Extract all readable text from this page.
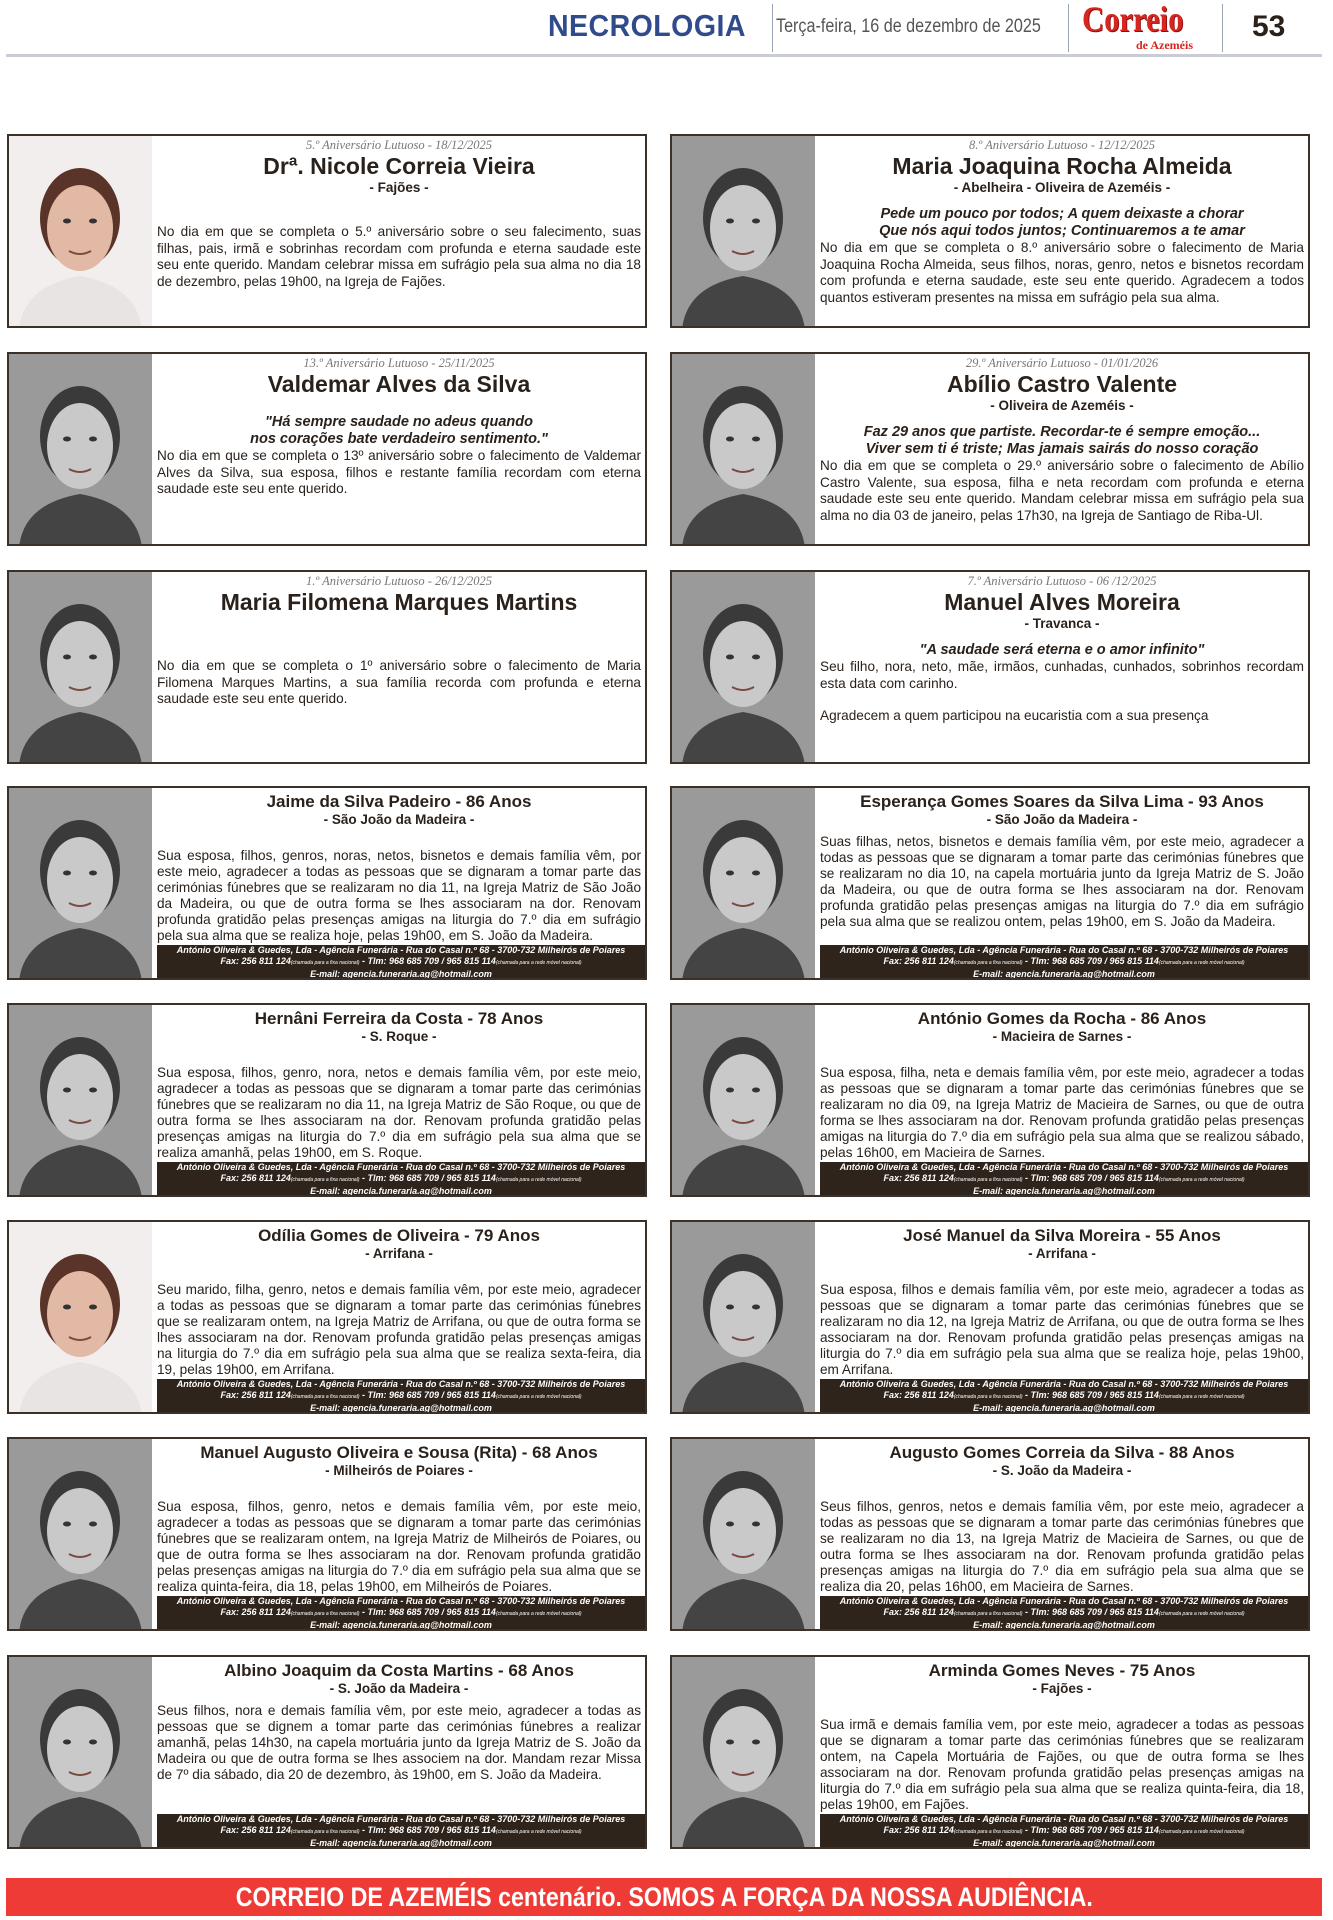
NECROLOGIA Terça-feira, 16 de dezembro de 2025 Correio
de Azeméis
53
5.º Aniversário Lutuoso - 18/12/2025
Drª. Nicole Correia Vieira
- Fajões -
No dia em que se completa o 5.º aniversário sobre o seu falecimento, suas filhas, pais, irmã e sobrinhas recordam com profunda e eterna saudade este seu ente querido. Mandam celebrar missa em sufrágio pela sua alma no dia 18 de dezembro, pelas 19h00, na Igreja de Fajões.
8.º Aniversário Lutuoso - 12/12/2025
Maria Joaquina Rocha Almeida
- Abelheira - Oliveira de Azeméis -
Pede um pouco por todos; A quem deixaste a chorar
Que nós aqui todos juntos; Continuaremos a te amar
No dia em que se completa o 8.º aniversário sobre o falecimento de Maria Joaquina Rocha Almeida, seus filhos, noras, genro, netos e bisnetos recordam com profunda e eterna saudade, este seu ente querido. Agradecem a todos quantos estiveram presentes na missa em sufrágio pela sua alma.
13.º Aniversário Lutuoso - 25/11/2025
Valdemar Alves da Silva
"Há sempre saudade no adeus quando
nos corações bate verdadeiro sentimento."
No dia em que se completa o 13º aniversário sobre o falecimento de Valdemar Alves da Silva, sua esposa, filhos e restante família recordam com eterna saudade este seu ente querido.
29.º Aniversário Lutuoso - 01/01/2026
Abílio Castro Valente
- Oliveira de Azeméis -
Faz 29 anos que partiste. Recordar-te é sempre emoção...
Viver sem ti é triste; Mas jamais sairás do nosso coração
No dia em que se completa o 29.º aniversário sobre o falecimento de Abílio Castro Valente, sua esposa, filha e neta recordam com profunda e eterna saudade este seu ente querido. Mandam celebrar missa em sufrágio pela sua alma no dia 03 de janeiro, pelas 17h30, na Igreja de Santiago de Riba-Ul.
1.º Aniversário Lutuoso - 26/12/2025
Maria Filomena Marques Martins
No dia em que se completa o 1º aniversário sobre o falecimento de Maria Filomena Marques Martins, a sua família recorda com profunda e eterna saudade este seu ente querido.
7.º Aniversário Lutuoso - 06 /12/2025
Manuel Alves Moreira
- Travanca -
"A saudade será eterna e o amor infinito"
Seu filho, nora, neto, mãe, irmãos, cunhadas, cunhados, sobrinhos recordam esta data com carinho.
Agradecem a quem participou na eucaristia com a sua presença
Jaime da Silva Padeiro - 86 Anos
- São João da Madeira -
Sua esposa, filhos, genros, noras, netos, bisnetos e demais família vêm, por este meio, agradecer a todas as pessoas que se dignaram a tomar parte das cerimónias fúnebres que se realizaram no dia 11, na Igreja Matriz de São João da Madeira, ou que de outra forma se lhes associaram na dor. Renovam profunda gratidão pelas presenças amigas na liturgia do 7.º dia em sufrágio pela sua alma que se realiza hoje, pelas 19h00, em S. João da Madeira.
António Oliveira & Guedes, Lda - Agência Funerária - Rua do Casal n.º 68 - 3700-732 Milheirós de Poiares
Fax: 256 811 124(chamada para a fixa nacional) - Tlm: 968 685 709 / 965 815 114(chamada para a rede móvel nacional)
E-mail: agencia.funeraria.ag@hotmail.com
Esperança Gomes Soares da Silva Lima - 93 Anos
- São João da Madeira -
Suas filhas, netos, bisnetos e demais família vêm, por este meio, agradecer a todas as pessoas que se dignaram a tomar parte das cerimónias fúnebres que se realizaram no dia 10, na capela mortuária junto da Igreja Matriz de S. João da Madeira, ou que de outra forma se lhes associaram na dor. Renovam profunda gratidão pelas presenças amigas na liturgia do 7.º dia em sufrágio pela sua alma que se realizou ontem, pelas 19h00, em S. João da Madeira.
António Oliveira & Guedes, Lda - Agência Funerária - Rua do Casal n.º 68 - 3700-732 Milheirós de Poiares
Fax: 256 811 124(chamada para a fixa nacional) - Tlm: 968 685 709 / 965 815 114(chamada para a rede móvel nacional)
E-mail: agencia.funeraria.ag@hotmail.com
Hernâni Ferreira da Costa - 78 Anos
- S. Roque -
Sua esposa, filhos, genro, nora, netos e demais família vêm, por este meio, agradecer a todas as pessoas que se dignaram a tomar parte das cerimónias fúnebres que se realizaram no dia 11, na Igreja Matriz de São Roque, ou que de outra forma se lhes associaram na dor. Renovam profunda gratidão pelas presenças amigas na liturgia do 7.º dia em sufrágio pela sua alma que se realiza amanhã, pelas 19h00, em S. Roque.
António Oliveira & Guedes, Lda - Agência Funerária - Rua do Casal n.º 68 - 3700-732 Milheirós de Poiares
Fax: 256 811 124(chamada para a fixa nacional) - Tlm: 968 685 709 / 965 815 114(chamada para a rede móvel nacional)
E-mail: agencia.funeraria.ag@hotmail.com
António Gomes da Rocha - 86 Anos
- Macieira de Sarnes -
Sua esposa, filha, neta e demais família vêm, por este meio, agradecer a todas as pessoas que se dignaram a tomar parte das cerimónias fúnebres que se realizaram no dia 09, na Igreja Matriz de Macieira de Sarnes, ou que de outra forma se lhes associaram na dor. Renovam profunda gratidão pelas presenças amigas na liturgia do 7.º dia em sufrágio pela sua alma que se realizou sábado, pelas 16h00, em Macieira de Sarnes.
António Oliveira & Guedes, Lda - Agência Funerária - Rua do Casal n.º 68 - 3700-732 Milheirós de Poiares
Fax: 256 811 124(chamada para a fixa nacional) - Tlm: 968 685 709 / 965 815 114(chamada para a rede móvel nacional)
E-mail: agencia.funeraria.ag@hotmail.com
Odília Gomes de Oliveira - 79 Anos
- Arrifana -
Seu marido, filha, genro, netos e demais família vêm, por este meio, agradecer a todas as pessoas que se dignaram a tomar parte das cerimónias fúnebres que se realizaram ontem, na Igreja Matriz de Arrifana, ou que de outra forma se lhes associaram na dor. Renovam profunda gratidão pelas presenças amigas na liturgia do 7.º dia em sufrágio pela sua alma que se realiza sexta-feira, dia 19, pelas 19h00, em Arrifana.
António Oliveira & Guedes, Lda - Agência Funerária - Rua do Casal n.º 68 - 3700-732 Milheirós de Poiares
Fax: 256 811 124(chamada para a fixa nacional) - Tlm: 968 685 709 / 965 815 114(chamada para a rede móvel nacional)
E-mail: agencia.funeraria.ag@hotmail.com
José Manuel da Silva Moreira - 55 Anos
- Arrifana -
Sua esposa, filhos e demais família vêm, por este meio, agradecer a todas as pessoas que se dignaram a tomar parte das cerimónias fúnebres que se realizaram no dia 12, na Igreja Matriz de Arrifana, ou que de outra forma se lhes associaram na dor. Renovam profunda gratidão pelas presenças amigas na liturgia do 7.º dia em sufrágio pela sua alma que se realiza hoje, pelas 19h00, em Arrifana.
António Oliveira & Guedes, Lda - Agência Funerária - Rua do Casal n.º 68 - 3700-732 Milheirós de Poiares
Fax: 256 811 124(chamada para a fixa nacional) - Tlm: 968 685 709 / 965 815 114(chamada para a rede móvel nacional)
E-mail: agencia.funeraria.ag@hotmail.com
Manuel Augusto Oliveira e Sousa (Rita) - 68 Anos
- Milheirós de Poiares -
Sua esposa, filhos, genro, netos e demais família vêm, por este meio, agradecer a todas as pessoas que se dignaram a tomar parte das cerimónias fúnebres que se realizaram ontem, na Igreja Matriz de Milheirós de Poiares, ou que de outra forma se lhes associaram na dor. Renovam profunda gratidão pelas presenças amigas na liturgia do 7.º dia em sufrágio pela sua alma que se realiza quinta-feira, dia 18, pelas 19h00, em Milheirós de Poiares.
António Oliveira & Guedes, Lda - Agência Funerária - Rua do Casal n.º 68 - 3700-732 Milheirós de Poiares
Fax: 256 811 124(chamada para a fixa nacional) - Tlm: 968 685 709 / 965 815 114(chamada para a rede móvel nacional)
E-mail: agencia.funeraria.ag@hotmail.com
Augusto Gomes Correia da Silva - 88 Anos
- S. João da Madeira -
Seus filhos, genros, netos e demais família vêm, por este meio, agradecer a todas as pessoas que se dignaram a tomar parte das cerimónias fúnebres que se realizaram no dia 13, na Igreja Matriz de Macieira de Sarnes, ou que de outra forma se lhes associaram na dor. Renovam profunda gratidão pelas presenças amigas na liturgia do 7.º dia em sufrágio pela sua alma que se realiza dia 20, pelas 16h00, em Macieira de Sarnes.
António Oliveira & Guedes, Lda - Agência Funerária - Rua do Casal n.º 68 - 3700-732 Milheirós de Poiares
Fax: 256 811 124(chamada para a fixa nacional) - Tlm: 968 685 709 / 965 815 114(chamada para a rede móvel nacional)
E-mail: agencia.funeraria.ag@hotmail.com
Albino Joaquim da Costa Martins - 68 Anos
- S. João da Madeira -
Seus filhos, nora e demais família vêm, por este meio, agradecer a todas as pessoas que se dignem a tomar parte das cerimónias fúnebres a realizar amanhã, pelas 14h30, na capela mortuária junto da Igreja Matriz de S. João da Madeira ou que de outra forma se lhes associem na dor. Mandam rezar Missa de 7º dia sábado, dia 20 de dezembro, às 19h00, em S. João da Madeira.
António Oliveira & Guedes, Lda - Agência Funerária - Rua do Casal n.º 68 - 3700-732 Milheirós de Poiares
Fax: 256 811 124(chamada para a fixa nacional) - Tlm: 968 685 709 / 965 815 114(chamada para a rede móvel nacional)
E-mail: agencia.funeraria.ag@hotmail.com
Arminda Gomes Neves - 75 Anos
- Fajões -
Sua irmã e demais família vem, por este meio, agradecer a todas as pessoas que se dignaram a tomar parte das cerimónias fúnebres que se realizaram ontem, na Capela Mortuária de Fajões, ou que de outra forma se lhes associaram na dor. Renovam profunda gratidão pelas presenças amigas na liturgia do 7.º dia em sufrágio pela sua alma que se realiza quinta-feira, dia 18, pelas 19h00, em Fajões.
António Oliveira & Guedes, Lda - Agência Funerária - Rua do Casal n.º 68 - 3700-732 Milheirós de Poiares
Fax: 256 811 124(chamada para a fixa nacional) - Tlm: 968 685 709 / 965 815 114(chamada para a rede móvel nacional)
E-mail: agencia.funeraria.ag@hotmail.com
CORREIO DE AZEMÉIS centenário. SOMOS A FORÇA DA NOSSA AUDIÊNCIA.
